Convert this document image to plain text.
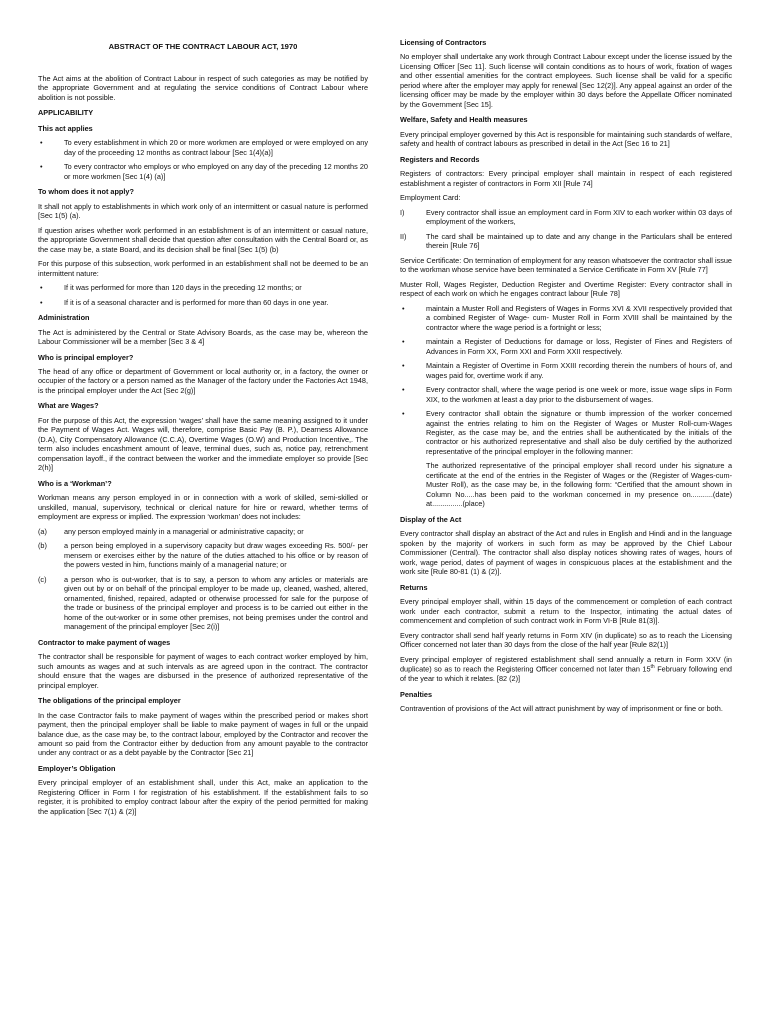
ABSTRACT OF THE CONTRACT LABOUR ACT, 1970

The Act aims at the abolition of Contract Labour in respect of such categories as may be notified by the appropriate Government and at regulating the service conditions of Contract Labour where abolition is not possible.

APPLICABILITY
This act applies
•	To every establishment in which 20 or more workmen are employed or were employed on any day of the proceeding 12 months as contract labour [Sec 1(4)(a)]
•	To every contractor who employs or who employed on any day of the preceding 12 months 20 or more workmen [Sec 1(4) (a)]
To whom does it not apply?

It shall not apply to establishments in which work only of an intermittent or casual nature is performed [Sec 1(5) (a).

If question arises whether work performed in an establishment is of an intermittent or casual nature, the appropriate Government shall decide that question after consultation with the Central Board or, as the case may be, a state Board, and its decision shall be final [Sec 1(5) (b)

For this purpose of this subsection, work performed in an establishment shall not be deemed to be an intermittent nature:

•	If it was performed for more than 120 days in the preceding 12 months; or
•	If it is of a seasonal character and is performed for more than 60 days in one year.
Administration

The Act is administered by the Central or State Advisory Boards, as the case may be, whereon the Labour Commissioner will be a member [Sec 3 & 4]

Who is principal employer?

The head of any office or department of Government or local authority or, in a factory, the owner or occupier of the factory or a person named as the Manager of the factory under the Factories Act 1948, is the principal employer under the Act [Sec 2(g)]

What are Wages?

For the purpose of this Act, the expression ‘wages’ shall have the same meaning assigned to it under the Payment of Wages Act. Wages will, therefore, comprise Basic Pay (B. P.), Dearness Allowance (D.A), City Compensatory Allowance (C.C.A), Overtime Wages (O.W) and Production Incentive,. The term also includes encashment amount of leave, terminal dues, such as, notice pay, retrenchment compensation layoff., if the contract between the worker and the immediate employer so provide [Sec 2(h)]

Who is a ‘Workman’?

Workman means any person employed in or in connection with a work of skilled, semi-skilled or unskilled, manual, supervisory, technical or clerical nature for hire or reward, whether terms of employment are express or implied. The expression ‘workman’ does not includes:

(a) any person employed mainly in a managerial or administrative capacity; or
(b) a person being employed in a supervisory capacity but draw wages exceeding Rs. 500/- per mensem or exercises either by the nature of the duties attached to his office or by reason of the powers vested in him, functions mainly of a managerial nature; or
(c) a person who is out-worker, that is to say, a person to whom any articles or materials are given out by or on behalf of the principal employer to be made up, cleaned, washed, altered, ornamented, finished, repaired, adapted or otherwise processed for sale for the purpose of the trade or business of the principal employer and process is to be carried out either in the home of the out-worker or in some other premises, not being premises under the control and management of the principal employer [Sec 2(i)]
Contractor to make payment of wages

The contractor shall be responsible for payment of wages to each contract worker employed by him, such amounts as wages and at such intervals as are agreed upon in the contract. The contractor should ensure that the wages are disbursed in the presence of authorized representative of the principal employer.

The obligations of the principal employer

In the case Contractor fails to make payment of wages within the prescribed period or makes short payment, then the principal employer shall be liable to make payment of wages in full or the unpaid balance due, as the case may be, to the contract labour, employed by the Contractor and recover the amount so paid from the Contractor either by deduction from any amount payable to the contractor under any contract or as a debt payable by the Contractor [Sec 21]

Employer’s Obligation

Every principal employer of an establishment shall, under this Act, make an application to the Registering Officer in Form I for registration of his establishment. If the establishment fails to so register, it is prohibited to employ contract labour after the expiry of the period permitted for making the application [Sec 7(1) & (2)]

Licensing of Contractors

No employer shall undertake any work through Contract Labour except under the license issued by the Licensing Officer [Sec 11]. Such license will contain conditions as to hours of work, fixation of wages and other essential amenities for the contract employees. Such license shall be valid for a specific period where after the employer may apply for renewal [Sec 12(2)]. Any appeal against an order of the licensing officer may be made by the employer within 30 days before the Appellate Officer nominated by the Government [Sec 15].

Welfare, Safety and Health measures

Every principal employer governed by this Act is responsible for maintaining such standards of welfare, safety and health of contract labours as prescribed in detail in the Act [Sec 16 to 21]

Registers and Records

Registers of contractors: Every principal employer shall maintain in respect of each registered establishment a register of contractors in Form XII [Rule 74]

Employment Card:

I)	Every contractor shall issue an employment card in Form XIV to each worker within 03 days of employment of the workers,
II)	The card shall be maintained up to date and any change in the Particulars shall be entered therein [Rule 76]

Service Certificate: On termination of employment for any reason whatsoever the contractor shall issue to the workman whose service have been terminated a Service Certificate in Form XV [Rule 77]

Muster Roll, Wages Register, Deduction Register and Overtime Register: Every contractor shall in respect of each work on which he engages contract labour [Rule 78]

•	maintain a Muster Roll and Registers of Wages in Forms XVI & XVII respectively provided that a combined Register of Wage- cum- Muster Roll in Form XVIII shall be maintained by the contractor where the wage period is a fortnight or less;
•	maintain a Register of Deductions for damage or loss, Register of Fines and Registers of Advances in Form XX, Form XXI and Form XXII respectively.
•	Maintain a Register of Overtime in Form XXIII recording therein the numbers of hours of, and wages paid for, overtime work if any.
•	Every contractor shall, where the wage period is one week or more, issue wage slips in Form XIX, to the workmen at least a day prior to the disbursement of wages.
•	Every contractor shall obtain the signature or thumb impression of the worker concerned against the entries relating to him on the Register of Wages or Muster Roll-cum-Wages Register, as the case may be, and the entries shall be authenticated by the initials of the contractor or his authorized representative and shall also be duly certified by the authorized representative of the principal employer in the following manner:

The authorized representative of the principal employer shall record under his signature a certificate at the end of the entries in the Register of Wages or the (Register of Wages-cum-Muster Roll), as the case may be, in the following form: “Certified that the amount shown in Column No.....has been paid to the workman concerned in my presence on...........(date) at...............(place)

Display of the Act

Every contractor shall display an abstract of the Act and rules in English and Hindi and in the language spoken by the majority of workers in such form as may be approved by the Chief Labour Commissioner (Central). The contractor shall also display notices showing rates of wages, hours of work, wage period, dates of payment of wages in conspicuous places at the establishment and the work site [Rule 80-81 (1) & (2)].

Returns

Every principal employer shall, within 15 days of the commencement or completion of each contract work under each contractor, submit a return to the Inspector, intimating the actual dates of commencement and completion of such contract work in Form VI-B [Rule 81(3)].

Every contractor shall send half yearly returns in Form XIV (in duplicate) so as to reach the Licensing Officer concerned not later than 30 days from the close of the half year [Rule 82(1)]

Every principal employer of registered establishment shall send annually a return in Form XXV (in duplicate) so as to reach the Registering Officer concerned not later than 15th February following end of the year to which it relates. [82 (2)]

Penalties

Contravention of provisions of the Act will attract punishment by way of imprisonment or fine or both.
